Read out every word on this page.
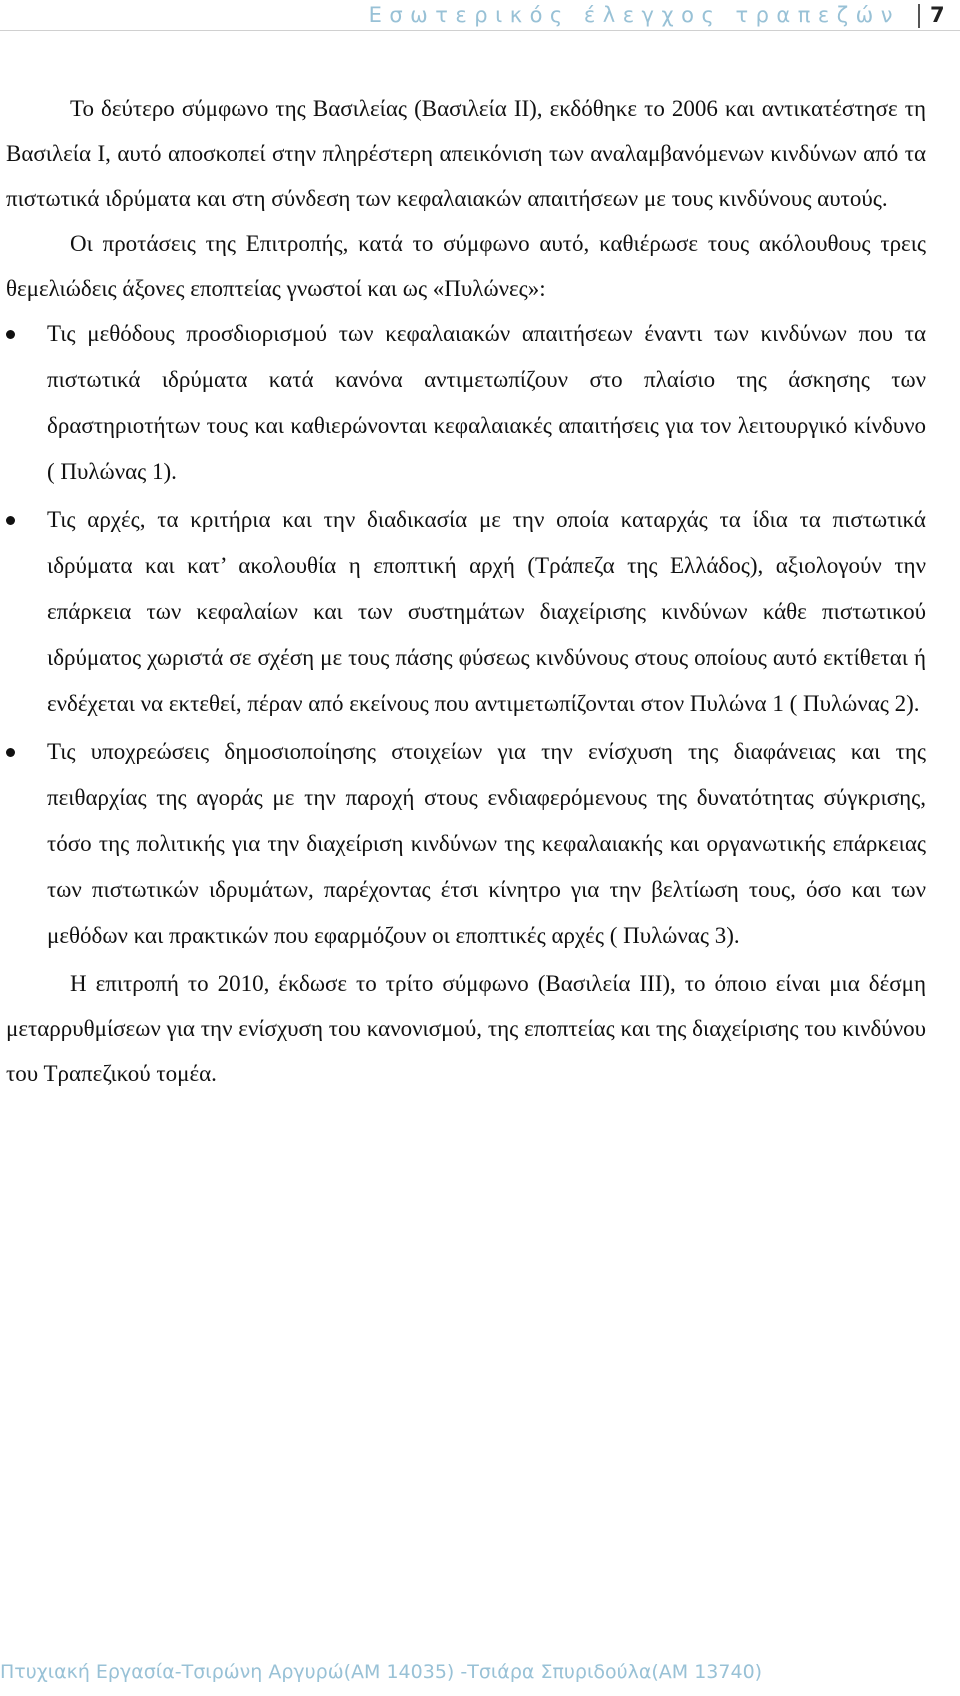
Εσωτερικός έλεγχος τραπεζών 7

Το δεύτερο σύμφωνο της Βασιλείας (Βασιλεία ΙΙ), εκδόθηκε το 2006 και αντικατέστησε τη Βασιλεία Ι, αυτό αποσκοπεί στην πληρέστερη απεικόνιση των αναλαμβανόμενων κινδύνων από τα πιστωτικά ιδρύματα και στη σύνδεση των κεφαλαιακών απαιτήσεων με τους κινδύνους αυτούς.

Οι προτάσεις της Επιτροπής, κατά το σύμφωνο αυτό, καθιέρωσε τους ακόλουθους τρεις θεμελιώδεις άξονες εποπτείας γνωστοί και ως «Πυλώνες»:

Τις μεθόδους προσδιορισμού των κεφαλαιακών απαιτήσεων έναντι των κινδύνων που τα πιστωτικά ιδρύματα κατά κανόνα αντιμετωπίζουν στο πλαίσιο της άσκησης των δραστηριοτήτων τους και καθιερώνονται κεφαλαιακές απαιτήσεις για τον λειτουργικό κίνδυνο ( Πυλώνας 1).
Τις αρχές, τα κριτήρια και την διαδικασία με την οποία καταρχάς τα ίδια τα πιστωτικά ιδρύματα και κατ’ ακολουθία η εποπτική αρχή (Τράπεζα της Ελλάδος), αξιολογούν την επάρκεια των κεφαλαίων και των συστημάτων διαχείρισης κινδύνων κάθε πιστωτικού ιδρύματος χωριστά σε σχέση με τους πάσης φύσεως κινδύνους στους οποίους αυτό εκτίθεται ή ενδέχεται να εκτεθεί, πέραν από εκείνους που αντιμετωπίζονται στον Πυλώνα 1 ( Πυλώνας 2).
Τις υποχρεώσεις δημοσιοποίησης στοιχείων για την ενίσχυση της διαφάνειας και της πειθαρχίας της αγοράς με την παροχή στους ενδιαφερόμενους της δυνατότητας σύγκρισης, τόσο της πολιτικής για την διαχείριση κινδύνων της κεφαλαιακής και οργανωτικής επάρκειας των πιστωτικών ιδρυμάτων, παρέχοντας έτσι κίνητρο για την βελτίωση τους, όσο και των μεθόδων και πρακτικών που εφαρμόζουν οι εποπτικές αρχές ( Πυλώνας 3).

Η επιτροπή το 2010, έκδωσε το τρίτο σύμφωνο (Βασιλεία ΙΙΙ), το όποιο είναι μια δέσμη μεταρρυθμίσεων για την ενίσχυση του κανονισμού, της εποπτείας και της διαχείρισης του κινδύνου του Τραπεζικού τομέα.

Πτυχιακή Εργασία-Τσιρώνη Αργυρώ(ΑΜ 14035) -Τσιάρα Σπυριδούλα(ΑΜ 13740)
